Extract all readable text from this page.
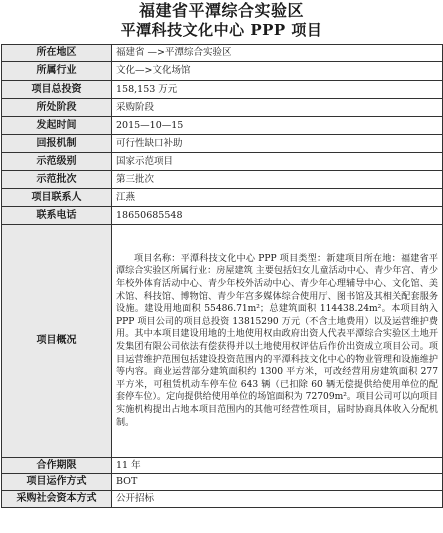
福建省平潭综合实验区
平潭科技文化中心 PPP 项目
所在地区	福建省 —>平潭综合实验区
所属行业	文化—>文化场馆
项目总投资	158,153 万元
所处阶段	采购阶段
发起时间	2015—10—15
回报机制	可行性缺口补助
示范级别	国家示范项目
示范批次	第三批次
项目联系人	江燕
联系电话	18650685548
项目概况	项目名称：平潭科技文化中心 PPP 项目类型：新建项目所在地：福建省平潭综合实验区所属行业：房屋建筑 主要包括妇女儿童活动中心、青少年宫、青少年校外体育活动中心、青少年校外活动中心、青少年心理辅导中心、文化馆、美术馆、科技馆、博物馆、青少年宫多媒体综合使用厅、图书馆及其相关配套服务设施。建设用地面积 55486.71m²；总建筑面积 114438.24m²。本项目纳入 PPP 项目公司的项目总投资 13815290 万元（不含土地费用）以及运营维护费用。其中本项目建设用地的土地使用权由政府出资人代表平潭综合实验区土地开发集团有限公司依法有偿获得并以土地使用权评估后作价出资成立项目公司。项目运营维护范围包括建设投资范围内的平潭科技文化中心的物业管理和设施维护等内容。商业运营部分建筑面积约 1300 平方米，可改经营用房建筑面积 277 平方米，可租赁机动车停车位 643 辆（已扣除 60 辆无偿提供给使用单位的配套停车位）。定向提供给使用单位的场馆面积为 72709m²。项目公司可以向项目实施机构提出占地本项目范围内的其他可经营性项目，届时协商具体收入分配机制。
合作期限	11 年
项目运作方式	BOT
采购社会资本方式	公开招标
